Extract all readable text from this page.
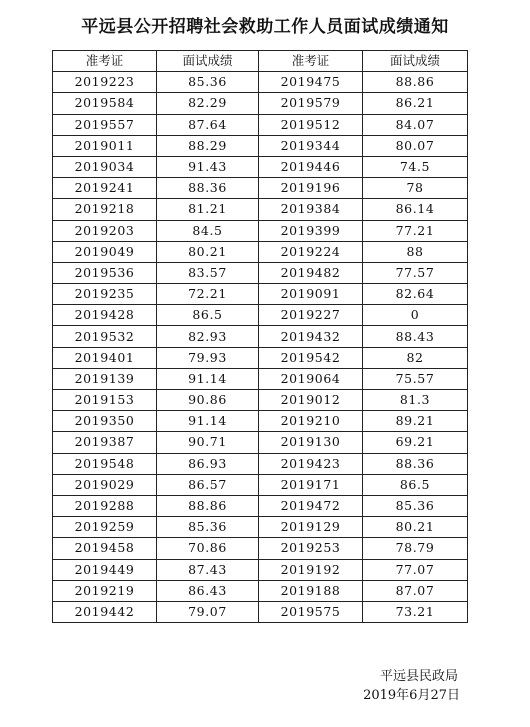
平远县公开招聘社会救助工作人员面试成绩通知
准考证	面试成绩	准考证	面试成绩
2019223	85.36	2019475	88.86
2019584	82.29	2019579	86.21
2019557	87.64	2019512	84.07
2019011	88.29	2019344	80.07
2019034	91.43	2019446	74.5
2019241	88.36	2019196	78
2019218	81.21	2019384	86.14
2019203	84.5	2019399	77.21
2019049	80.21	2019224	88
2019536	83.57	2019482	77.57
2019235	72.21	2019091	82.64
2019428	86.5	2019227	0
2019532	82.93	2019432	88.43
2019401	79.93	2019542	82
2019139	91.14	2019064	75.57
2019153	90.86	2019012	81.3
2019350	91.14	2019210	89.21
2019387	90.71	2019130	69.21
2019548	86.93	2019423	88.36
2019029	86.57	2019171	86.5
2019288	88.86	2019472	85.36
2019259	85.36	2019129	80.21
2019458	70.86	2019253	78.79
2019449	87.43	2019192	77.07
2019219	86.43	2019188	87.07
2019442	79.07	2019575	73.21
平远县民政局
2019年6月27日
